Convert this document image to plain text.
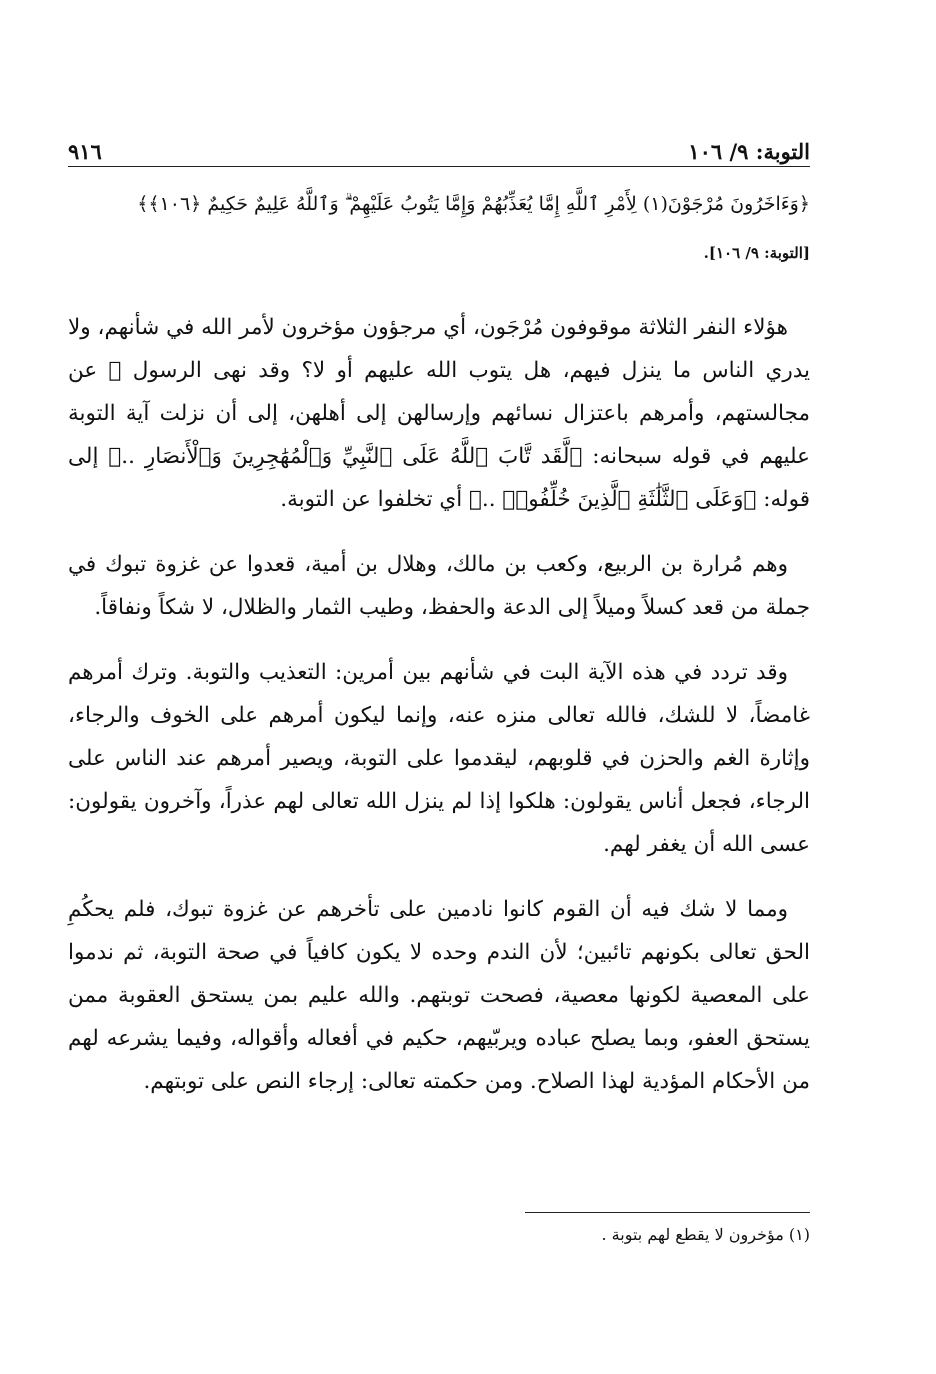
التوبة: ٩/ ١٠٦
٩١٦
﴿وَءَاخَرُونَ مُرْجَوْنَ(١) لِأَمْرِ ٱللَّهِ إِمَّا يُعَذِّبُهُمْ وَإِمَّا يَتُوبُ عَلَيْهِمْ ۗ وَٱللَّهُ عَلِيمٌ حَكِيمٌ ﴿١٠٦﴾﴾
[التوبة: ٩/ ١٠٦].

هؤلاء النفر الثلاثة موقوفون مُرْجَون، أي مرجؤون مؤخرون لأمر الله في شأنهم، ولا يدري الناس ما ينزل فيهم، هل يتوب الله عليهم أو لا؟ وقد نهى الرسول ﷺ عن مجالستهم، وأمرهم باعتزال نسائهم وإرسالهن إلى أهلهن، إلى أن نزلت آية التوبة عليهم في قوله سبحانه: ﴿لَّقَد تَّابَ ٱللَّهُ عَلَى ٱلنَّبِيِّ وَٱلْمُهَٰجِرِينَ وَٱلْأَنصَارِ ..﴾ إلى قوله: ﴿وَعَلَى ٱلثَّلَٰثَةِ ٱلَّذِينَ خُلِّفُوا۟ ..﴾ أي تخلفوا عن التوبة.

وهم مُرارة بن الربيع، وكعب بن مالك، وهلال بن أمية، قعدوا عن غزوة تبوك في جملة من قعد كسلاً وميلاً إلى الدعة والحفظ، وطيب الثمار والظلال، لا شكاً ونفاقاً.

وقد تردد في هذه الآية البت في شأنهم بين أمرين: التعذيب والتوبة. وترك أمرهم غامضاً، لا للشك، فالله تعالى منزه عنه، وإنما ليكون أمرهم على الخوف والرجاء، وإثارة الغم والحزن في قلوبهم، ليقدموا على التوبة، ويصير أمرهم عند الناس على الرجاء، فجعل أناس يقولون: هلكوا إذا لم ينزل الله تعالى لهم عذراً، وآخرون يقولون: عسى الله أن يغفر لهم.

ومما لا شك فيه أن القوم كانوا نادمين على تأخرهم عن غزوة تبوك، فلم يحكُمِ الحق تعالى بكونهم تائبين؛ لأن الندم وحده لا يكون كافياً في صحة التوبة، ثم ندموا على المعصية لكونها معصية، فصحت توبتهم. والله عليم بمن يستحق العقوبة ممن يستحق العفو، وبما يصلح عباده ويربّيهم، حكيم في أفعاله وأقواله، وفيما يشرعه لهم من الأحكام المؤدية لهذا الصلاح. ومن حكمته تعالى: إرجاء النص على توبتهم.

(١) مؤخرون لا يقطع لهم بتوبة .
